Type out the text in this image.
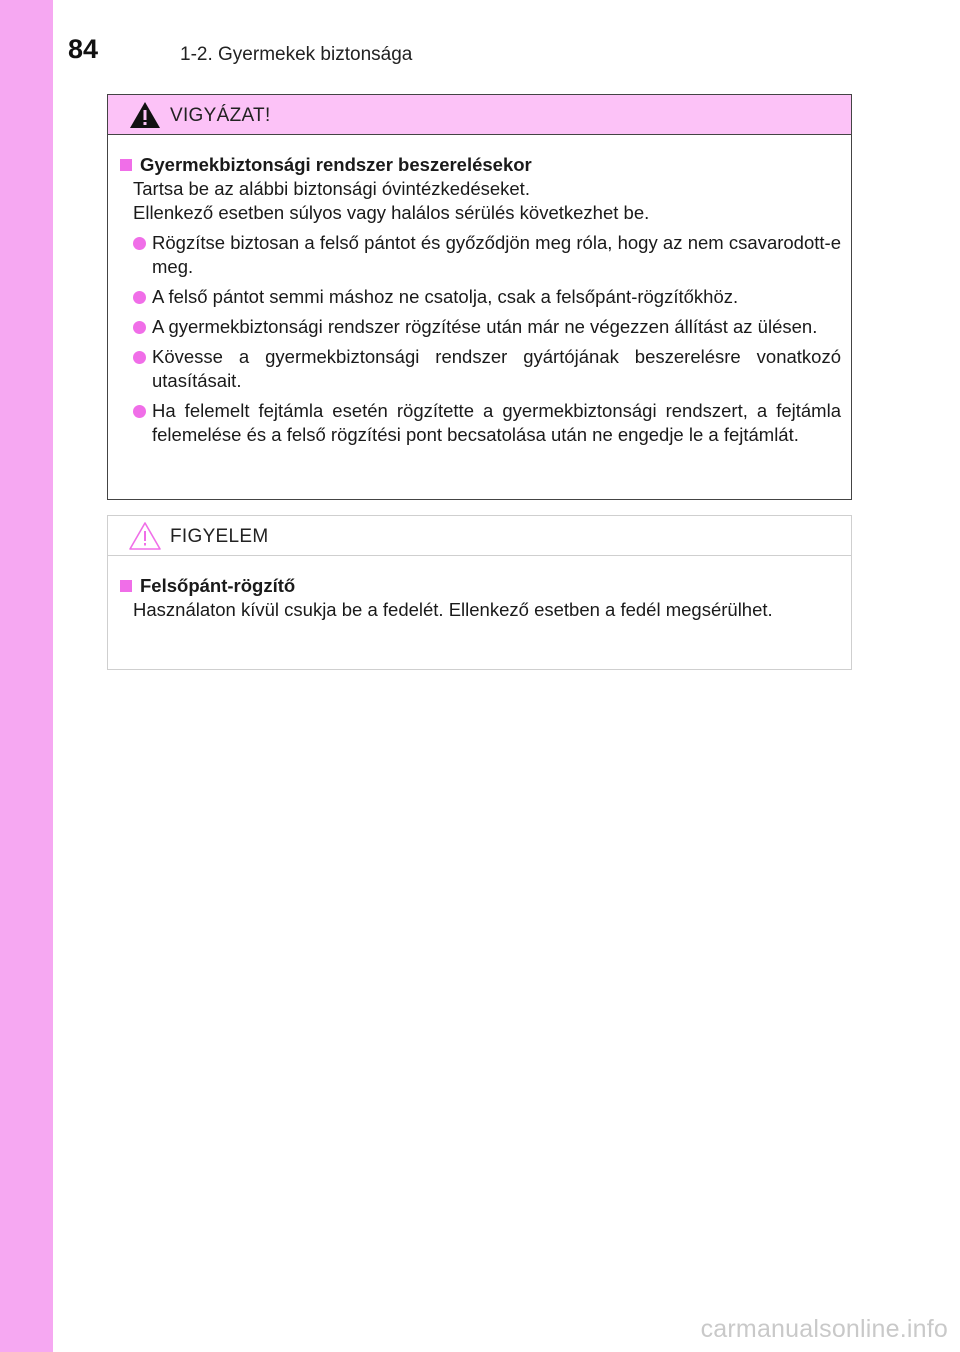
84	1-2. Gyermekek biztonsága
VIGYÁZAT!
Gyermekbiztonsági rendszer beszerelésekor
Tartsa be az alábbi biztonsági óvintézkedéseket.
Ellenkező esetben súlyos vagy halálos sérülés következhet be.
Rögzítse biztosan a felső pántot és győződjön meg róla, hogy az nem csavarodott-e meg.
A felső pántot semmi máshoz ne csatolja, csak a felsőpánt-rögzítőkhöz.
A gyermekbiztonsági rendszer rögzítése után már ne végezzen állítást az ülésen.
Kövesse a gyermekbiztonsági rendszer gyártójának beszerelésre vonatkozó utasításait.
Ha felemelt fejtámla esetén rögzítette a gyermekbiztonsági rendszert, a fejtámla felemelése és a felső rögzítési pont becsatolása után ne engedje le a fejtámlát.
FIGYELEM
Felsőpánt-rögzítő
Használaton kívül csukja be a fedelét. Ellenkező esetben a fedél megsérülhet.
carmanualsonline.info
